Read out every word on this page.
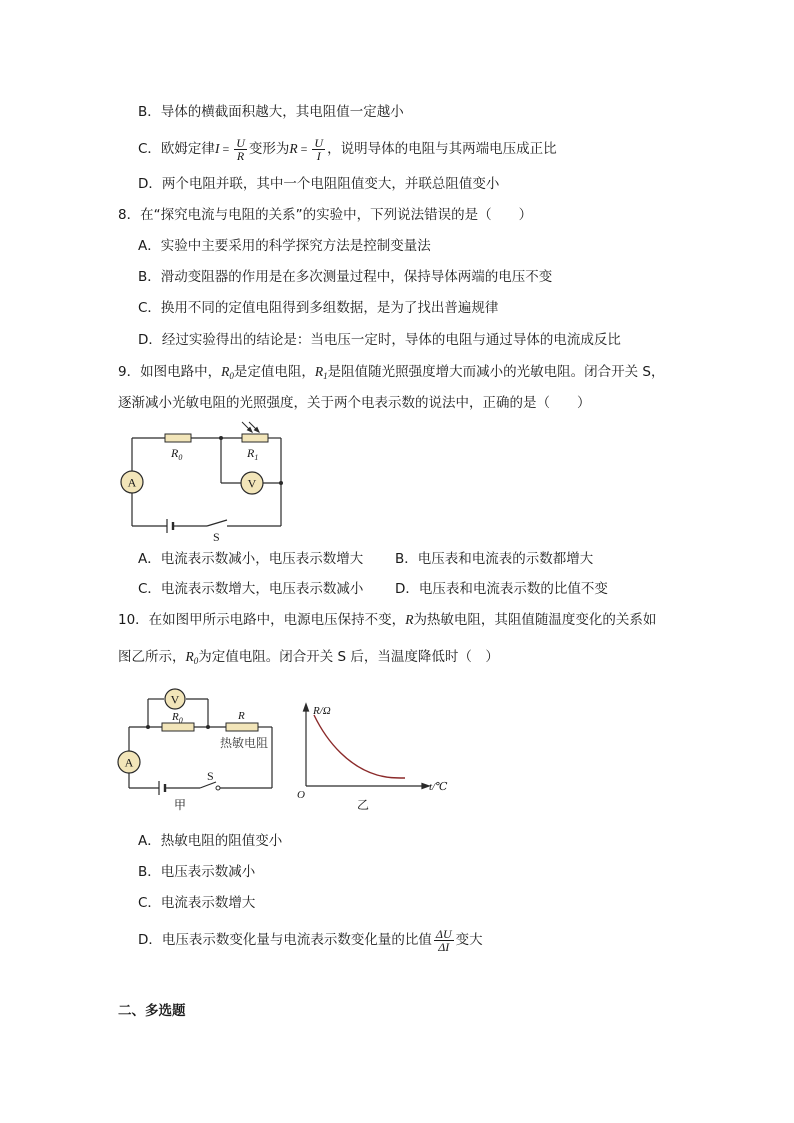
B．导体的横截面积越大，其电阻值一定越小
C．欧姆定律$I = \frac{U}{R}$ 变形为$R = \frac{U}{I}$ ，说明导体的电阻与其两端电压成正比
D．两个电阻并联，其中一个电阻阻值变大，并联总阻值变小
8．在“探究电流与电阻的关系”的实验中，下列说法错误的是（　　）
A．实验中主要采用的科学探究方法是控制变量法
B．滑动变阻器的作用是在多次测量过程中，保持导体两端的电压不变
C．换用不同的定值电阻得到多组数据，是为了找出普遍规律
D．经过实验得出的结论是：当电压一定时，导体的电阻与通过导体的电流成反比
9．如图电路中，$R_0$是定值电阻，$R_1$是阻值随光照强度增大而减小的光敏电阻。闭合开关 S，
逐渐减小光敏电阻的光照强度，关于两个电表示数的说法中，正确的是（　　）
A	V
$R_0$	$R_1$
S
A．电流表示数减小，电压表示数增大 B．电压表和电流表的示数都增大
C．电流表示数增大，电压表示数减小 D．电压表和电流表示数的比值不变
10．在如图甲所示电路中，电源电压保持不变，R为热敏电阻，其阻值随温度变化的关系如
图乙所示，$R_0$为定值电阻。闭合开关 S 后，当温度降低时（　）
V
$R_0$	R
热敏电阻
A
S
甲
R/Ω
t/℃
O
乙
A．热敏电阻的阻值变小
B．电压表示数减小
C．电流表示数增大
D．电压表示数变化量与电流表示数变化量的比值 $\frac{\Delta U}{\Delta I}$ 变大
二、多选题
